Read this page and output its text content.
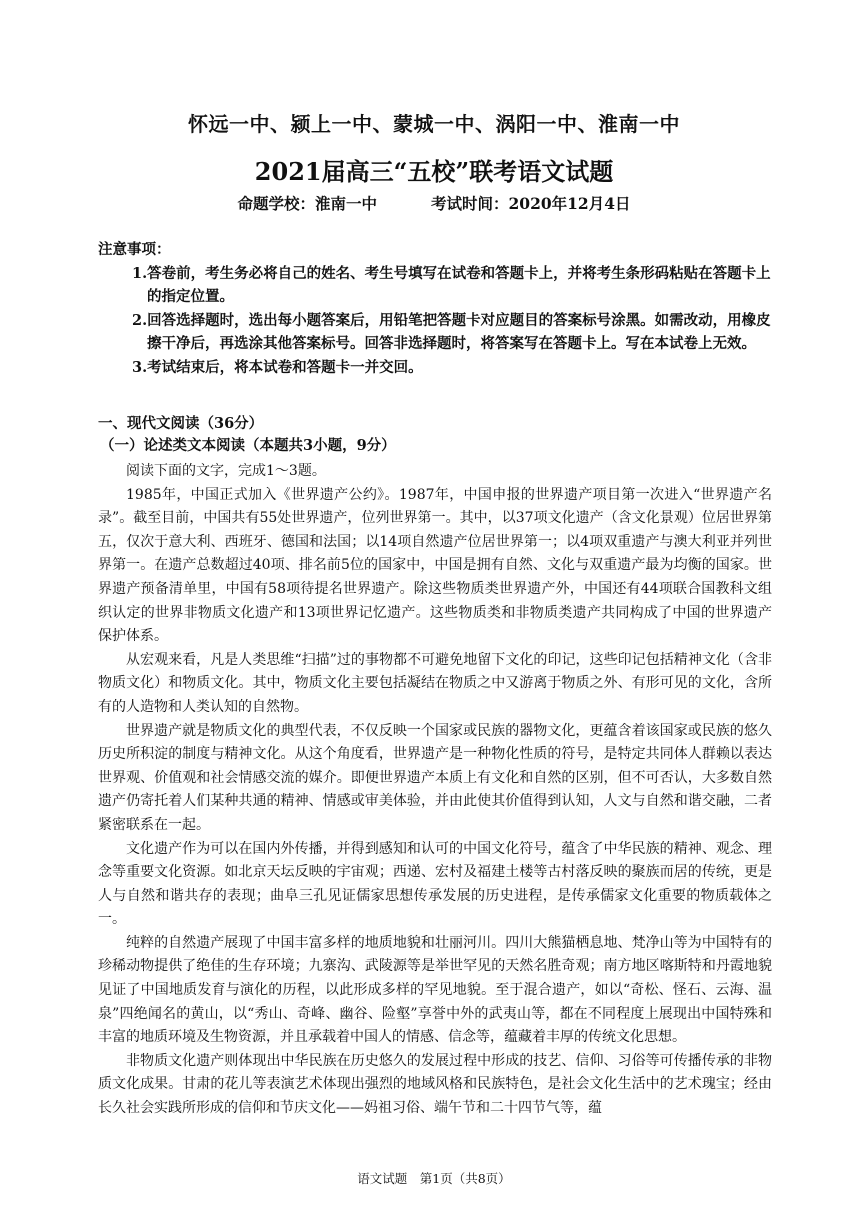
怀远一中、颍上一中、蒙城一中、涡阳一中、淮南一中
2021届高三“五校”联考语文试题
命题学校：淮南一中	考试时间：2020年12月4日

注意事项：

1.答卷前，考生务必将自己的姓名、考生号填写在试卷和答题卡上，并将考生条形码粘贴在答题卡上的指定位置。
2.回答选择题时，选出每小题答案后，用铅笔把答题卡对应题目的答案标号涂黑。如需改动，用橡皮擦干净后，再选涂其他答案标号。回答非选择题时，将答案写在答题卡上。写在本试卷上无效。
3.考试结束后，将本试卷和答题卡一并交回。
一、现代文阅读（36分）
（一）论述类文本阅读（本题共3小题，9分）

阅读下面的文字，完成1～3题。

1985年，中国正式加入《世界遗产公约》。1987年，中国申报的世界遗产项目第一次进入“世界遗产名录”。截至目前，中国共有55处世界遗产，位列世界第一。其中，以37项文化遗产（含文化景观）位居世界第五，仅次于意大利、西班牙、德国和法国；以14项自然遗产位居世界第一；以4项双重遗产与澳大利亚并列世界第一。在遗产总数超过40项、排名前5位的国家中，中国是拥有自然、文化与双重遗产最为均衡的国家。世界遗产预备清单里，中国有58项待提名世界遗产。除这些物质类世界遗产外，中国还有44项联合国教科文组织认定的世界非物质文化遗产和13项世界记忆遗产。这些物质类和非物质类遗产共同构成了中国的世界遗产保护体系。

从宏观来看，凡是人类思维“扫描”过的事物都不可避免地留下文化的印记，这些印记包括精神文化（含非物质文化）和物质文化。其中，物质文化主要包括凝结在物质之中又游离于物质之外、有形可见的文化，含所有的人造物和人类认知的自然物。

世界遗产就是物质文化的典型代表，不仅反映一个国家或民族的器物文化，更蕴含着该国家或民族的悠久历史所积淀的制度与精神文化。从这个角度看，世界遗产是一种物化性质的符号，是特定共同体人群赖以表达世界观、价值观和社会情感交流的媒介。即便世界遗产本质上有文化和自然的区别，但不可否认，大多数自然遗产仍寄托着人们某种共通的精神、情感或审美体验，并由此使其价值得到认知，人文与自然和谐交融，二者紧密联系在一起。

文化遗产作为可以在国内外传播，并得到感知和认可的中国文化符号，蕴含了中华民族的精神、观念、理念等重要文化资源。如北京天坛反映的宇宙观；西递、宏村及福建土楼等古村落反映的聚族而居的传统，更是人与自然和谐共存的表现；曲阜三孔见证儒家思想传承发展的历史进程，是传承儒家文化重要的物质载体之一。

纯粹的自然遗产展现了中国丰富多样的地质地貌和壮丽河川。四川大熊猫栖息地、梵净山等为中国特有的珍稀动物提供了绝佳的生存环境；九寨沟、武陵源等是举世罕见的天然名胜奇观；南方地区喀斯特和丹霞地貌见证了中国地质发育与演化的历程，以此形成多样的罕见地貌。至于混合遗产，如以“奇松、怪石、云海、温泉”四绝闻名的黄山，以“秀山、奇峰、幽谷、险壑”享誉中外的武夷山等，都在不同程度上展现出中国特殊和丰富的地质环境及生物资源，并且承载着中国人的情感、信念等，蕴藏着丰厚的传统文化思想。

非物质文化遗产则体现出中华民族在历史悠久的发展过程中形成的技艺、信仰、习俗等可传播传承的非物质文化成果。甘肃的花儿等表演艺术体现出强烈的地域风格和民族特色，是社会文化生活中的艺术瑰宝；经由长久社会实践所形成的信仰和节庆文化——妈祖习俗、端午节和二十四节气等，蕴

语文试题　第1页（共8页）
